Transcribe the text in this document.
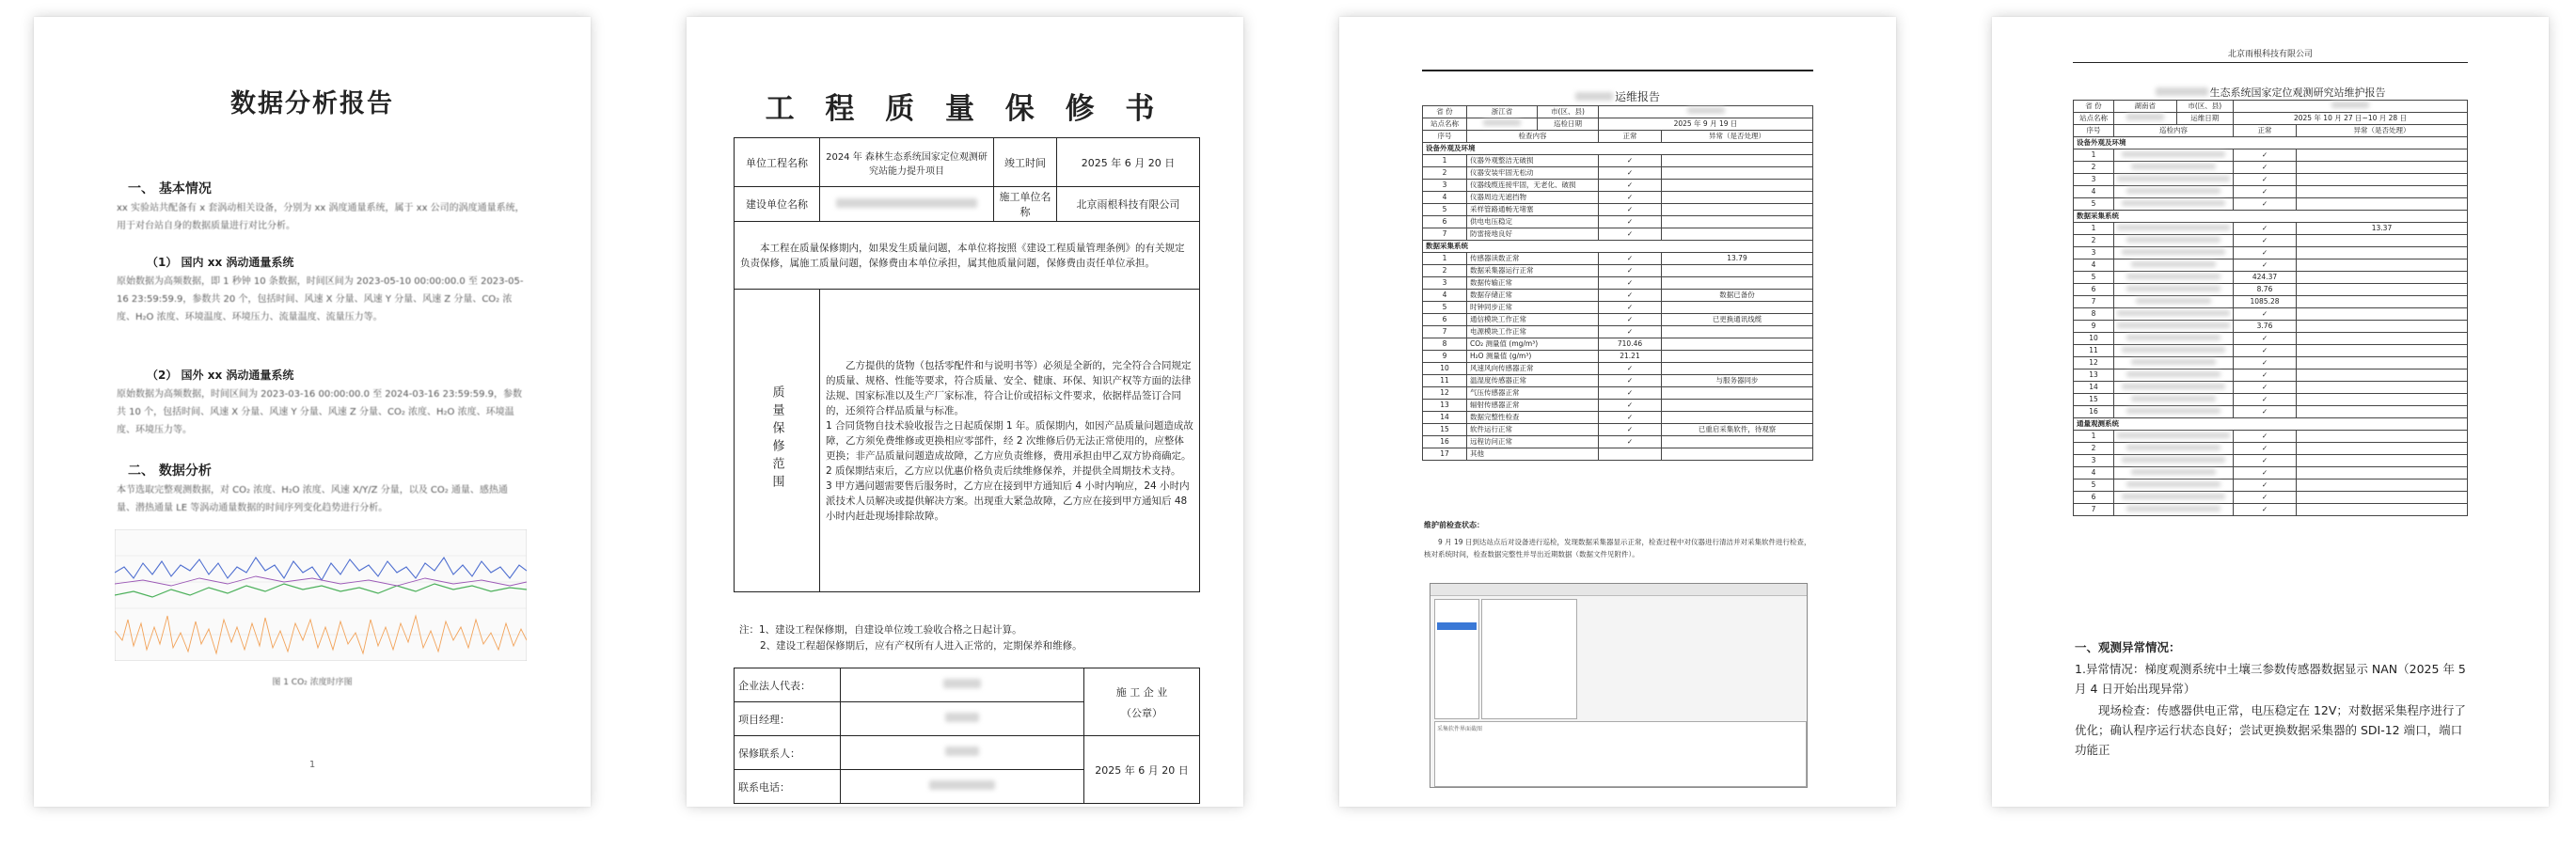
数据分析报告
一、 基本情况
xx 实验站共配备有 x 套涡动相关设备，分别为 xx 涡度通量系统，属于 xx 公司的涡度通量系统，用于对台站自身的数据质量进行对比分析。
（1） 国内 xx 涡动通量系统
原始数据为高频数据，即 1 秒钟 10 条数据，时间区间为 2023-05-10 00:00:00.0 至 2023-05-16 23:59:59.9，参数共 20 个，包括时间、风速 X 分量、风速 Y 分量、风速 Z 分量、CO₂ 浓度、H₂O 浓度、环境温度、环境压力、流量温度、流量压力等。
（2） 国外 xx 涡动通量系统
原始数据为高频数据，时间区间为 2023-03-16 00:00:00.0 至 2024-03-16 23:59:59.9，参数共 10 个，包括时间、风速 X 分量、风速 Y 分量、风速 Z 分量、CO₂ 浓度、H₂O 浓度、环境温度、环境压力等。
二、 数据分析
本节选取完整观测数据，对 CO₂ 浓度、H₂O 浓度、风速 X/Y/Z 分量，以及 CO₂ 通量、感热通量、潜热通量 LE 等涡动通量数据的时间序列变化趋势进行分析。
图 1 CO₂ 浓度时序图
1
工 程 质 量 保 修 书
单位工程名称	2024 年 森林生态系统国家定位观测研究站能力提升项目	竣工时间	2025 年 6 月 20 日
建设单位名称		施工单位名称	北京雨根科技有限公司
本工程在质量保修期内，如果发生质量问题，本单位将按照《建设工程质量管理条例》的有关规定负责保修，属施工质量问题，保修费由本单位承担，属其他质量问题，保修费由责任单位承担。			
质量保修范围	乙方提供的货物（包括零配件和与说明书等）必须是全新的，完全符合合同规定的质量、规格、性能等要求，符合质量、安全、健康、环保、知识产权等方面的法律法规、国家标准以及生产厂家标准，符合让价或招标文件要求，依据样品签订合同的，还须符合样品质量与标准。
1 合同货物自技术验收报告之日起质保期 1 年。质保期内，如因产品质量问题造成故障，乙方须免费维修或更换相应零部件，经 2 次维修后仍无法正常使用的，应整体更换；非产品质量问题造成故障，乙方应负责维修，费用承担由甲乙双方协商确定。
2 质保期结束后，乙方应以优惠价格负责后续维修保养，并提供全周期技术支持。
3 甲方遇问题需要售后服务时，乙方应在接到甲方通知后 4 小时内响应，24 小时内派技术人员解决或提供解决方案。出现重大紧急故障，乙方应在接到甲方通知后 48 小时内赶赴现场排除故障。		
注：1、建设工程保修期，自建设单位竣工验收合格之日起计算。
2、建设工程超保修期后，应有产权所有人进入正常的，定期保养和维修。
企业法人代表：		施 工 企 业
（公章）

项目经理：		
保修联系人：		2025 年 6 月 20 日
联系电话：		
运维报告
省 份	浙江省	市(区、县)		
站点名称		巡检日期	2025 年 9 月 19 日	
序号	检查内容		正常	异常（是否处理）
设备外观及环境				
1	仪器外观整洁无破损		✓	
2	仪器安装牢固无松动		✓	
3	仪器线缆连接牢固，无老化、破损		✓	
4	仪器周边无遮挡物		✓	
5	采样管路通畅无堵塞		✓	
6	供电电压稳定		✓	
7	防雷接地良好		✓	
数据采集系统				
1	传感器读数正常		✓	13.79
2	数据采集器运行正常		✓	
3	数据传输正常		✓	
4	数据存储正常		✓	数据已备份
5	时钟同步正常		✓	
6	通信模块工作正常		✓	已更换通讯线缆
7	电源模块工作正常		✓	
8	CO₂ 测量值 (mg/m³)		710.46	
9	H₂O 测量值 (g/m³)		21.21	
10	风速风向传感器正常		✓	
11	温湿度传感器正常		✓	与服务器同步
12	气压传感器正常		✓	
13	辐射传感器正常		✓	
14	数据完整性检查		✓	
15	软件运行正常		✓	已重启采集软件，待观察
16	远程访问正常		✓	
17	其他			
维护前检查状态：
9 月 19 日到达站点后对设备进行巡检，发现数据采集器显示正常，检查过程中对仪器进行清洁并对采集软件进行检查，核对系统时间，检查数据完整性并导出近期数据（数据文件见附件）。
采集软件界面截图
北京雨根科技有限公司
生态系统国家定位观测研究站维护报告
省 份	湖南省	市(区、县)		
站点名称		运维日期	2025 年 10 月 27 日~10 月 28 日	
序号	巡检内容		正常	异常（是否处理）
设备外观及环境				
1			✓	
2			✓	
3			✓	
4			✓	
5			✓	
数据采集系统				
1			✓	13.37
2			✓	
3			✓	
4			✓	
5			424.37	
6			8.76	
7			1085.28	
8			✓	
9			3.76	
10			✓	
11			✓	
12			✓	
13			✓	
14			✓	
15			✓	
16			✓	
通量观测系统				
1			✓	
2			✓	
3			✓	
4			✓	
5			✓	
6			✓	
7			✓	
一、观测异常情况：
1.异常情况：梯度观测系统中土壤三参数传感器数据显示 NAN（2025 年 5 月 4 日开始出现异常）
现场检查：传感器供电正常，电压稳定在 12V；对数据采集程序进行了优化；确认程序运行状态良好；尝试更换数据采集器的 SDI-12 端口，端口功能正
